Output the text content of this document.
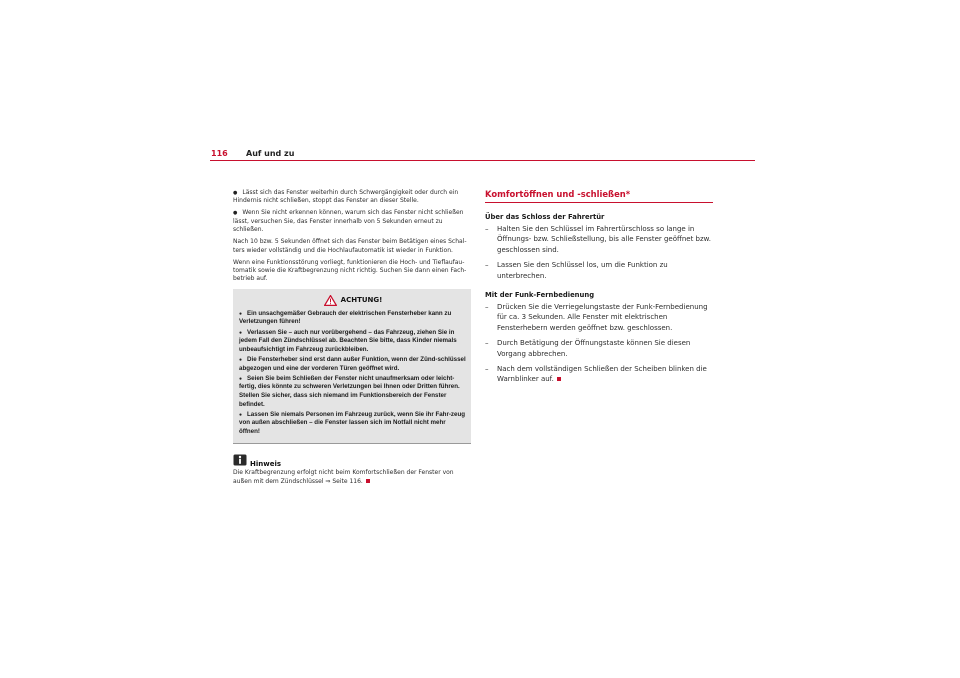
116 Auf und zu

● Lässt sich das Fenster weiterhin durch Schwergängigkeit oder durch ein Hindernis nicht schließen, stoppt das Fenster an dieser Stelle.

● Wenn Sie nicht erkennen können, warum sich das Fenster nicht schließen lässt, versuchen Sie, das Fenster innerhalb von 5 Sekunden erneut zu schließen.

Nach 10 bzw. 5 Sekunden öffnet sich das Fenster beim Betätigen eines Schal-ters wieder vollständig und die Hochlaufautomatik ist wieder in Funktion.

Wenn eine Funktionsstörung vorliegt, funktionieren die Hoch- und Tieflaufau-tomatik sowie die Kraftbegrenzung nicht richtig. Suchen Sie dann einen Fach-betrieb auf.

ACHTUNG!

● Ein unsachgemäßer Gebrauch der elektrischen Fensterheber kann zu Verletzungen führen!

● Verlassen Sie – auch nur vorübergehend – das Fahrzeug, ziehen Sie in jedem Fall den Zündschlüssel ab. Beachten Sie bitte, dass Kinder niemals unbeaufsichtigt im Fahrzeug zurückbleiben.

● Die Fensterheber sind erst dann außer Funktion, wenn der Zünd-schlüssel abgezogen und eine der vorderen Türen geöffnet wird.

● Seien Sie beim Schließen der Fenster nicht unaufmerksam oder leicht-fertig, dies könnte zu schweren Verletzungen bei Ihnen oder Dritten führen. Stellen Sie sicher, dass sich niemand im Funktionsbereich der Fenster befindet.

● Lassen Sie niemals Personen im Fahrzeug zurück, wenn Sie ihr Fahr-zeug von außen abschließen – die Fenster lassen sich im Notfall nicht mehr öffnen!

Hinweis

Die Kraftbegrenzung erfolgt nicht beim Komfortschließen der Fenster von außen mit dem Zündschlüssel ⇒ Seite 116.

Komfortöffnen und -schließen*
Über das Schloss der Fahrertür

– Halten Sie den Schlüssel im Fahrertürschloss so lange in Öffnungs- bzw. Schließstellung, bis alle Fenster geöffnet bzw. geschlossen sind.

– Lassen Sie den Schlüssel los, um die Funktion zu unterbrechen.

Mit der Funk-Fernbedienung

– Drücken Sie die Verriegelungstaste der Funk-Fernbedienung für ca. 3 Sekunden. Alle Fenster mit elektrischen Fensterhebern werden geöffnet bzw. geschlossen.

– Durch Betätigung der Öffnungstaste können Sie diesen Vorgang abbrechen.

– Nach dem vollständigen Schließen der Scheiben blinken die Warnblinker auf.
